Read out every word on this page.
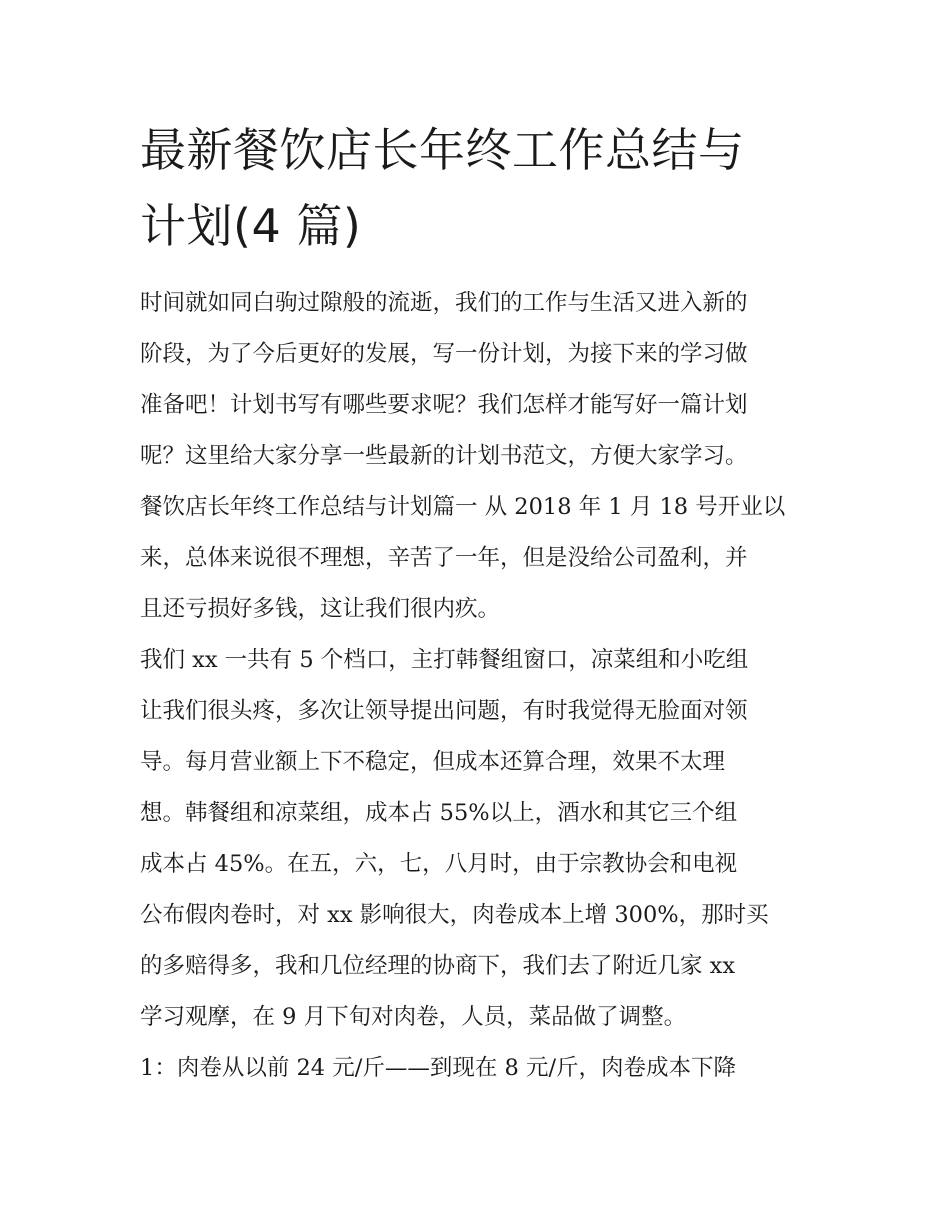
最新餐饮店长年终工作总结与
计划(4 篇)
时间就如同白驹过隙般的流逝，我们的工作与生活又进入新的
阶段，为了今后更好的发展，写一份计划，为接下来的学习做
准备吧！计划书写有哪些要求呢？我们怎样才能写好一篇计划
呢？这里给大家分享一些最新的计划书范文，方便大家学习。
餐饮店长年终工作总结与计划篇一 从 2018 年 1 月 18 号开业以
来，总体来说很不理想，辛苦了一年，但是没给公司盈利，并
且还亏损好多钱，这让我们很内疚。
我们 xx 一共有 5 个档口，主打韩餐组窗口，凉菜组和小吃组
让我们很头疼，多次让领导提出问题，有时我觉得无脸面对领
导。每月营业额上下不稳定，但成本还算合理，效果不太理
想。韩餐组和凉菜组，成本占 55%以上，酒水和其它三个组
成本占 45%。在五，六，七，八月时，由于宗教协会和电视
公布假肉卷时，对 xx 影响很大，肉卷成本上增 300%，那时买
的多赔得多，我和几位经理的协商下，我们去了附近几家 xx
学习观摩，在 9 月下旬对肉卷，人员，菜品做了调整。
1：肉卷从以前 24 元/斤——到现在 8 元/斤，肉卷成本下降
